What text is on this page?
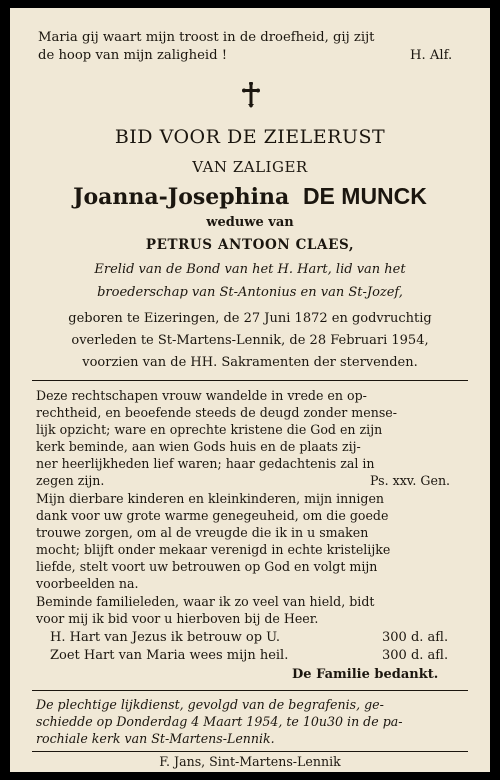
Maria gij waart mijn troost in de droefheid, gij zijt
de hoop van mijn zaligheid !	H. Alf.
BID VOOR DE ZIELERUST
VAN ZALIGER
Joanna-Josephina DE MUNCK
weduwe van
PETRUS ANTOON CLAES,
Erelid van de Bond van het H. Hart, lid van het
broederschap van St-Antonius en van St-Jozef,
geboren te Eizeringen, de 27 Juni 1872 en godvruchtig
overleden te St-Martens-Lennik, de 28 Februari 1954,
voorzien van de HH. Sakramenten der stervenden.
Deze rechtschapen vrouw wandelde in vrede en op-
rechtheid, en beoefende steeds de deugd zonder mense-
lijk opzicht; ware en oprechte kristene die God en zijn
kerk beminde, aan wien Gods huis en de plaats zij-
ner heerlijkheden lief waren; haar gedachtenis zal in
zegen zijn.	Ps. xxv. Gen.
Mijn dierbare kinderen en kleinkinderen, mijn innigen
dank voor uw grote warme genegeuheid, om die goede
trouwe zorgen, om al de vreugde die ik in u smaken
mocht; blijft onder mekaar verenigd in echte kristelijke
liefde, stelt voort uw betrouwen op God en volgt mijn
voorbeelden na.
Beminde familieleden, waar ik zo veel van hield, bidt
voor mij ik bid voor u hierboven bij de Heer.
H. Hart van Jezus ik betrouw op U.	300 d. afl.
Zoet Hart van Maria wees mijn heil.	300 d. afl.
De Familie bedankt.
De plechtige lijkdienst, gevolgd van de begrafenis, ge-
schiedde op Donderdag 4 Maart 1954, te 10u30 in de pa-
rochiale kerk van St-Martens-Lennik.
F. Jans, Sint-Martens-Lennik
